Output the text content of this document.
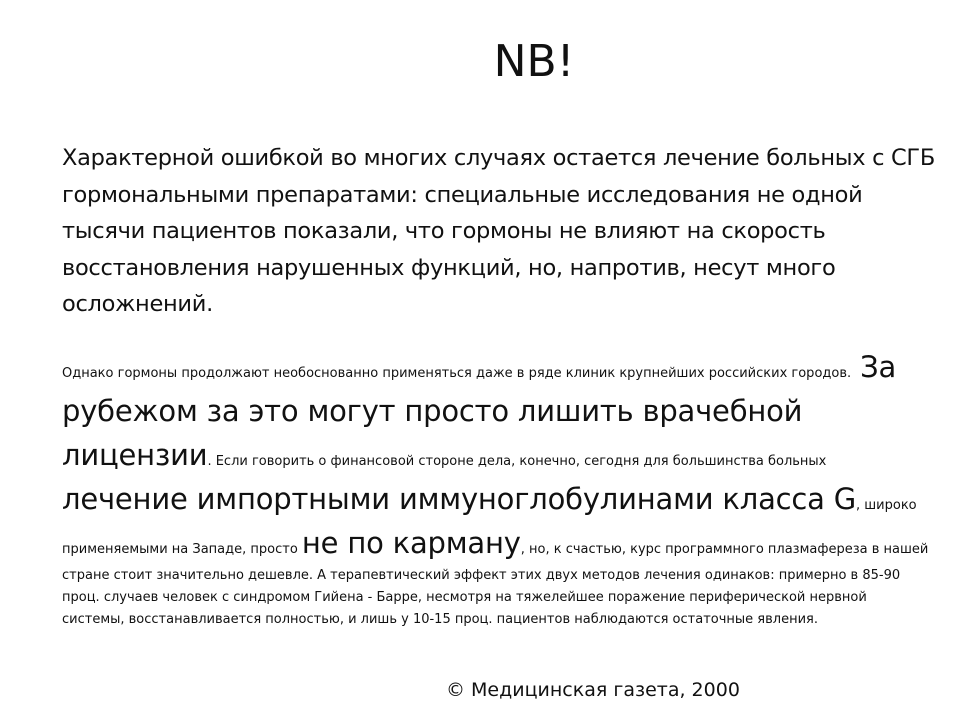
NB!

Характерной ошибкой во многих случаях остается лечение больных с СГБ гормональными препаратами: специальные исследования не одной тысячи пациентов показали, что гормоны не влияют на скорость восстановления нарушенных функций, но, напротив, несут много осложнений.

Однако гормоны продолжают необоснованно применяться даже в ряде клиник крупнейших российских городов. За рубежом за это могут просто лишить врачебной лицензии. Если говорить о финансовой стороне дела, конечно, сегодня для большинства больных лечение импортными иммуноглобулинами класса G, широко применяемыми на Западе, просто не по карману, но, к счастью, курс программного плазмафереза в нашей стране стоит значительно дешевле. А терапевтический эффект этих двух методов лечения одинаков: примерно в 85-90 проц. случаев человек с синдромом Гийена - Барре, несмотря на тяжелейшее поражение периферической нервной системы, восстанавливается полностью, и лишь у 10-15 проц. пациентов наблюдаются остаточные явления.

© Медицинская газета, 2000
